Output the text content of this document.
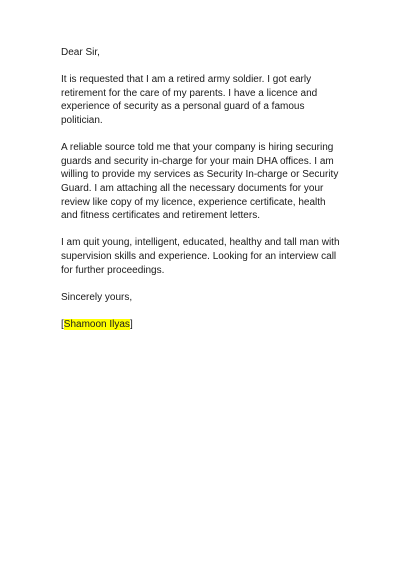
Dear Sir,

It is requested that I am a retired army soldier. I got early
retirement for the care of my parents. I have a licence and
experience of security as a personal guard of a famous
politician.

A reliable source told me that your company is hiring securing
guards and security in-charge for your main DHA offices. I am
willing to provide my services as Security In-charge or Security
Guard. I am attaching all the necessary documents for your
review like copy of my licence, experience certificate, health
and fitness certificates and retirement letters.

I am quit young, intelligent, educated, healthy and tall man with
supervision skills and experience. Looking for an interview call
for further proceedings.

Sincerely yours,

[Shamoon Ilyas]
